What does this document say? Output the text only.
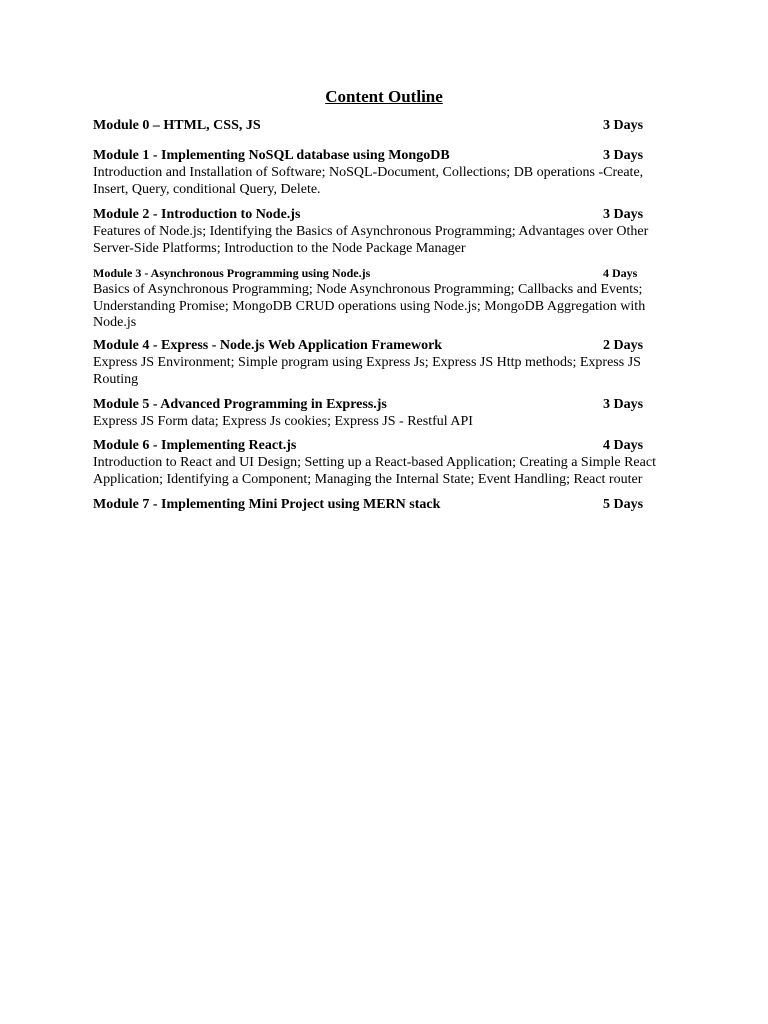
Content Outline
Module 0 – HTML, CSS, JS	3 Days
Module 1 - Implementing NoSQL database using MongoDB	3 Days
Introduction and Installation of Software; NoSQL-Document, Collections; DB operations -Create, Insert, Query, conditional Query, Delete.
Module 2 - Introduction to Node.js	3 Days
Features of Node.js; Identifying the Basics of Asynchronous Programming; Advantages over Other Server-Side Platforms; Introduction to the Node Package Manager
Module 3 - Asynchronous Programming using Node.js	4 Days
Basics of Asynchronous Programming; Node Asynchronous Programming; Callbacks and Events; Understanding Promise; MongoDB CRUD operations using Node.js; MongoDB Aggregation with Node.js
Module 4 - Express - Node.js Web Application Framework	2 Days
Express JS Environment; Simple program using Express Js; Express JS Http methods; Express JS Routing
Module 5 - Advanced Programming in Express.js	3 Days
Express JS Form data; Express Js cookies; Express JS - Restful API
Module 6 - Implementing React.js	4 Days
Introduction to React and UI Design; Setting up a React-based Application; Creating a Simple React Application; Identifying a Component; Managing the Internal State; Event Handling; React router
Module 7 - Implementing Mini Project using MERN stack	5 Days
